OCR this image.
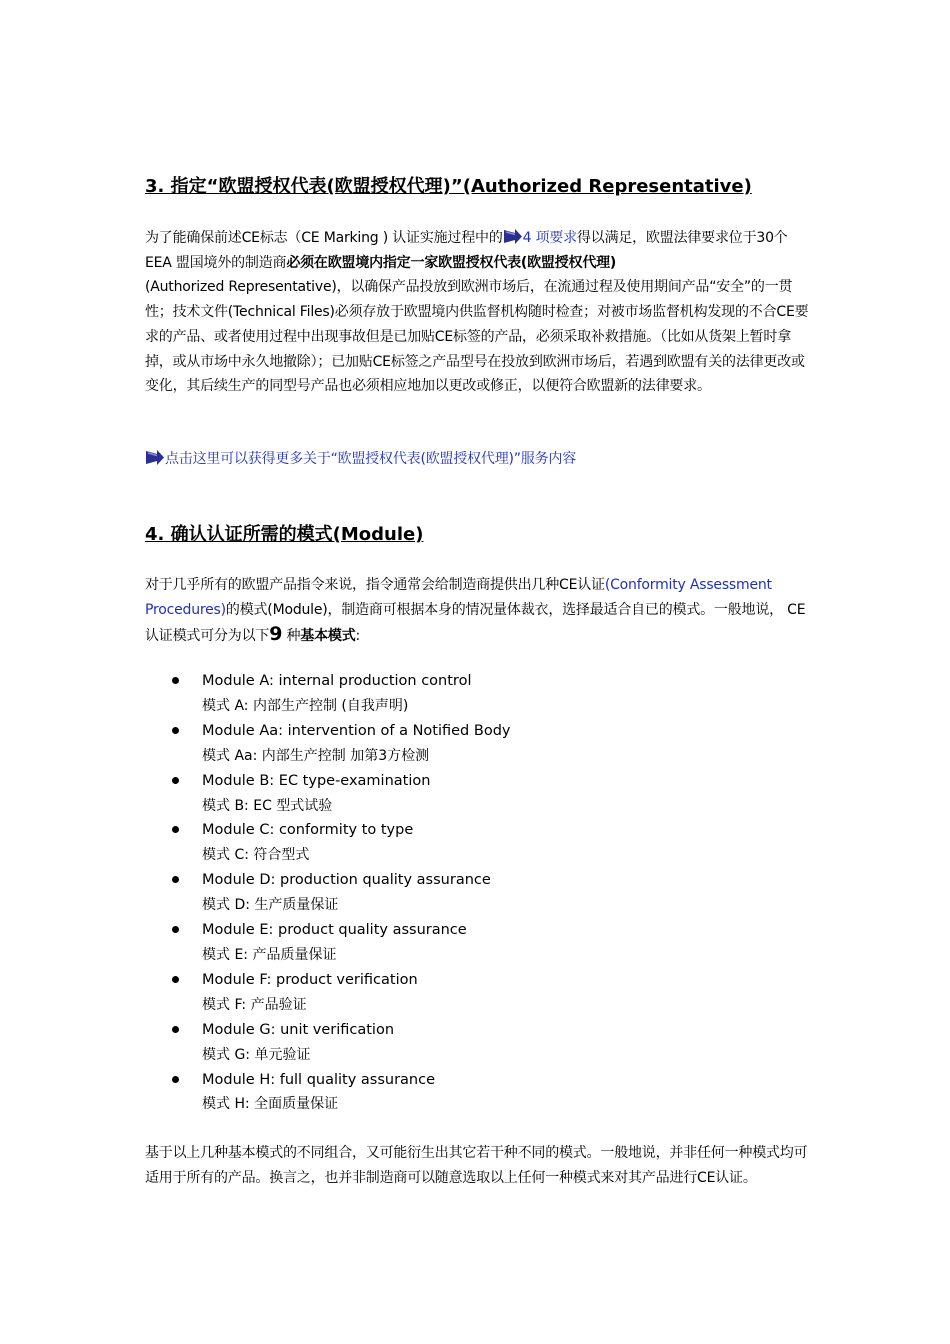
3. 指定“欧盟授权代表(欧盟授权代理)”(Authorized Representative)

为了能确保前述CE标志（CE Marking ) 认证实施过程中的 4 项要求得以满足，欧盟法律要求位于30个EEA 盟国境外的制造商必须在欧盟境内指定一家欧盟授权代表(欧盟授权代理)
(Authorized Representative)，以确保产品投放到欧洲市场后，在流通过程及使用期间产品“安全”的一贯性；技术文件(Technical Files)必须存放于欧盟境内供监督机构随时检查；对被市场监督机构发现的不合CE要求的产品、或者使用过程中出现事故但是已加贴CE标签的产品，必须采取补救措施。（比如从货架上暂时拿掉，或从市场中永久地撤除）；已加贴CE标签之产品型号在投放到欧洲市场后，若遇到欧盟有关的法律更改或变化，其后续生产的同型号产品也必须相应地加以更改或修正，以便符合欧盟新的法律要求。

点击这里可以获得更多关于“欧盟授权代表(欧盟授权代理)”服务内容
4. 确认认证所需的模式(Module)

对于几乎所有的欧盟产品指令来说，指令通常会给制造商提供出几种CE认证(Conformity Assessment Procedures)的模式(Module)，制造商可根据本身的情况量体裁衣，选择最适合自已的模式。一般地说， CE认证模式可分为以下9 种基本模式:

Module A: internal production control
模式 A: 内部生产控制 (自我声明)
Module Aa: intervention of a Notified Body
模式 Aa: 内部生产控制 加第3方检测
Module B: EC type-examination
模式 B: EC 型式试验
Module C: conformity to type
模式 C: 符合型式
Module D: production quality assurance
模式 D: 生产质量保证
Module E: product quality assurance
模式 E: 产品质量保证
Module F: product verification
模式 F: 产品验证
Module G: unit verification
模式 G: 单元验证
Module H: full quality assurance
模式 H: 全面质量保证

基于以上几种基本模式的不同组合，又可能衍生出其它若干种不同的模式。一般地说，并非任何一种模式均可适用于所有的产品。换言之，也并非制造商可以随意选取以上任何一种模式来对其产品进行CE认证。
